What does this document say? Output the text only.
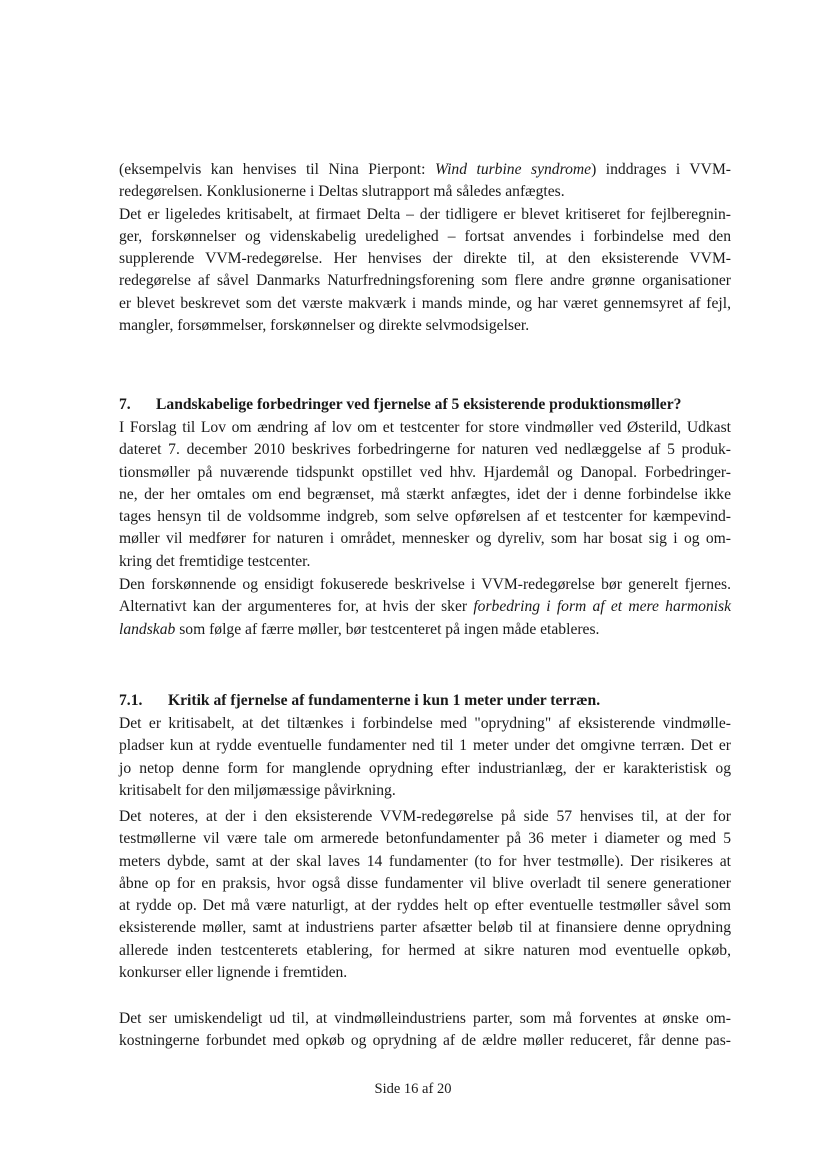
(eksempelvis kan henvises til Nina Pierpont: Wind turbine syndrome) inddrages i VVM-
redegørelsen. Konklusionerne i Deltas slutrapport må således anfægtes.
Det er ligeledes kritisabelt, at firmaet Delta – der tidligere er blevet kritiseret for fejlberegnin-
ger, forskønnelser og videnskabelig uredelighed – fortsat anvendes i forbindelse med den
supplerende VVM-redegørelse. Her henvises der direkte til, at den eksisterende VVM-
redegørelse af såvel Danmarks Naturfredningsforening som flere andre grønne organisationer
er blevet beskrevet som det værste makværk i mands minde, og har været gennemsyret af fejl,
mangler, forsømmelser, forskønnelser og direkte selvmodsigelser.

7. Landskabelige forbedringer ved fjernelse af 5 eksisterende produktionsmøller?

I Forslag til Lov om ændring af lov om et testcenter for store vindmøller ved Østerild, Udkast
dateret 7. december 2010 beskrives forbedringerne for naturen ved nedlæggelse af 5 produk-
tionsmøller på nuværende tidspunkt opstillet ved hhv. Hjardemål og Danopal. Forbedringer-
ne, der her omtales om end begrænset, må stærkt anfægtes, idet der i denne forbindelse ikke
tages hensyn til de voldsomme indgreb, som selve opførelsen af et testcenter for kæmpevind-
møller vil medfører for naturen i området, mennesker og dyreliv, som har bosat sig i og om-
kring det fremtidige testcenter.

Den forskønnende og ensidigt fokuserede beskrivelse i VVM-redegørelse bør generelt fjernes.
Alternativt kan der argumenteres for, at hvis der sker forbedring i form af et mere harmonisk
landskab som følge af færre møller, bør testcenteret på ingen måde etableres.

7.1. Kritik af fjernelse af fundamenterne i kun 1 meter under terræn.

Det er kritisabelt, at det tiltænkes i forbindelse med "oprydning" af eksisterende vindmølle-
pladser kun at rydde eventuelle fundamenter ned til 1 meter under det omgivne terræn. Det er
jo netop denne form for manglende oprydning efter industrianlæg, der er karakteristisk og
kritisabelt for den miljømæssige påvirkning.

Det noteres, at der i den eksisterende VVM-redegørelse på side 57 henvises til, at der for
testmøllerne vil være tale om armerede betonfundamenter på 36 meter i diameter og med 5
meters dybde, samt at der skal laves 14 fundamenter (to for hver testmølle). Der risikeres at
åbne op for en praksis, hvor også disse fundamenter vil blive overladt til senere generationer
at rydde op. Det må være naturligt, at der ryddes helt op efter eventuelle testmøller såvel som
eksisterende møller, samt at industriens parter afsætter beløb til at finansiere denne oprydning
allerede inden testcenterets etablering, for hermed at sikre naturen mod eventuelle opkøb,
konkurser eller lignende i fremtiden.

Det ser umiskendeligt ud til, at vindmølleindustriens parter, som må forventes at ønske om-
kostningerne forbundet med opkøb og oprydning af de ældre møller reduceret, får denne pas-

Side 16 af 20
